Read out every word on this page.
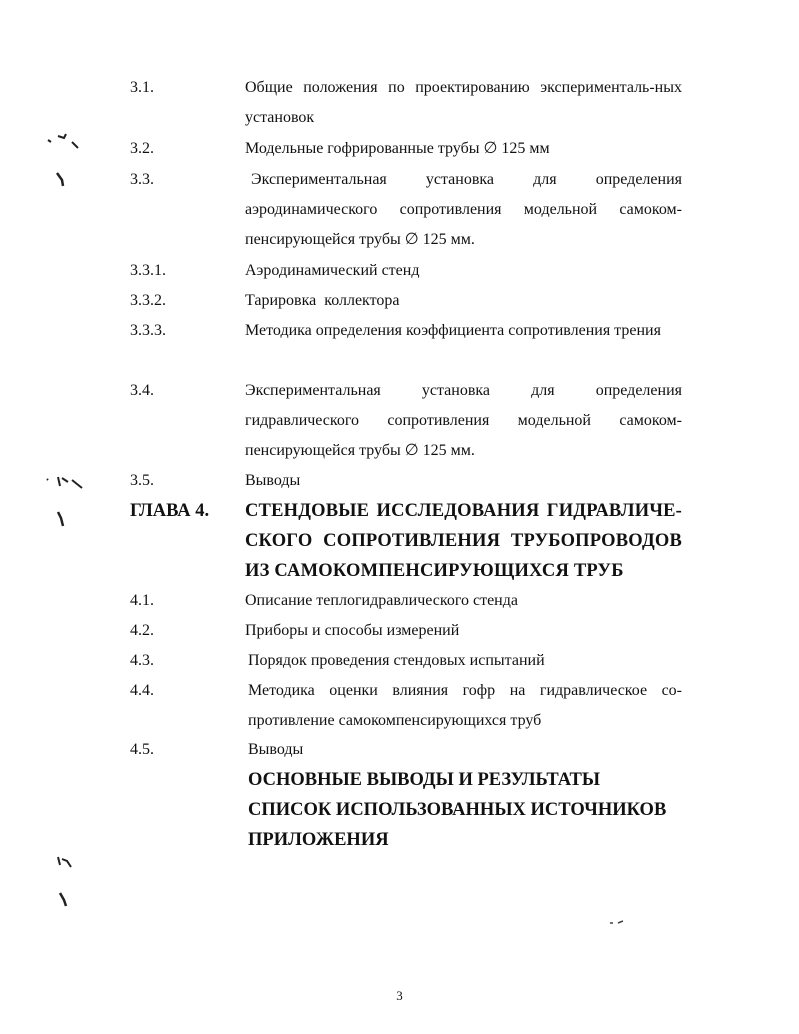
3.1.	Общие положения по проектированию эксперименталь-ных установок
3.2.	Модельные гофрированные трубы ∅ 125 мм
3.3.	Экспериментальная установка для определения аэродинамического сопротивления модельной самоком-пенсирующейся трубы ∅ 125 мм.
3.3.1.	Аэродинамический стенд
3.3.2.	Тарировка  коллектора
3.3.3.	Методика определения коэффициента сопротивления трения
3.4.	Экспериментальная установка для определения гидравлического сопротивления модельной самоком-пенсирующейся трубы ∅ 125 мм.
3.5.	Выводы
ГЛАВА 4. СТЕНДОВЫЕ ИССЛЕДОВАНИЯ ГИДРАВЛИЧЕ-СКОГО СОПРОТИВЛЕНИЯ ТРУБОПРОВОДОВ ИЗ САМОКОМПЕНСИРУЮЩИХСЯ ТРУБ
4.1.	Описание теплогидравлического стенда
4.2.	Приборы и способы измерений
4.3.	Порядок проведения стендовых испытаний
4.4.	Методика оценки влияния гофр на гидравлическое со-противление самокомпенсирующихся труб
4.5.	Выводы
ОСНОВНЫЕ ВЫВОДЫ И РЕЗУЛЬТАТЫ
СПИСОК ИСПОЛЬЗОВАННЫХ ИСТОЧНИКОВ
ПРИЛОЖЕНИЯ
3
